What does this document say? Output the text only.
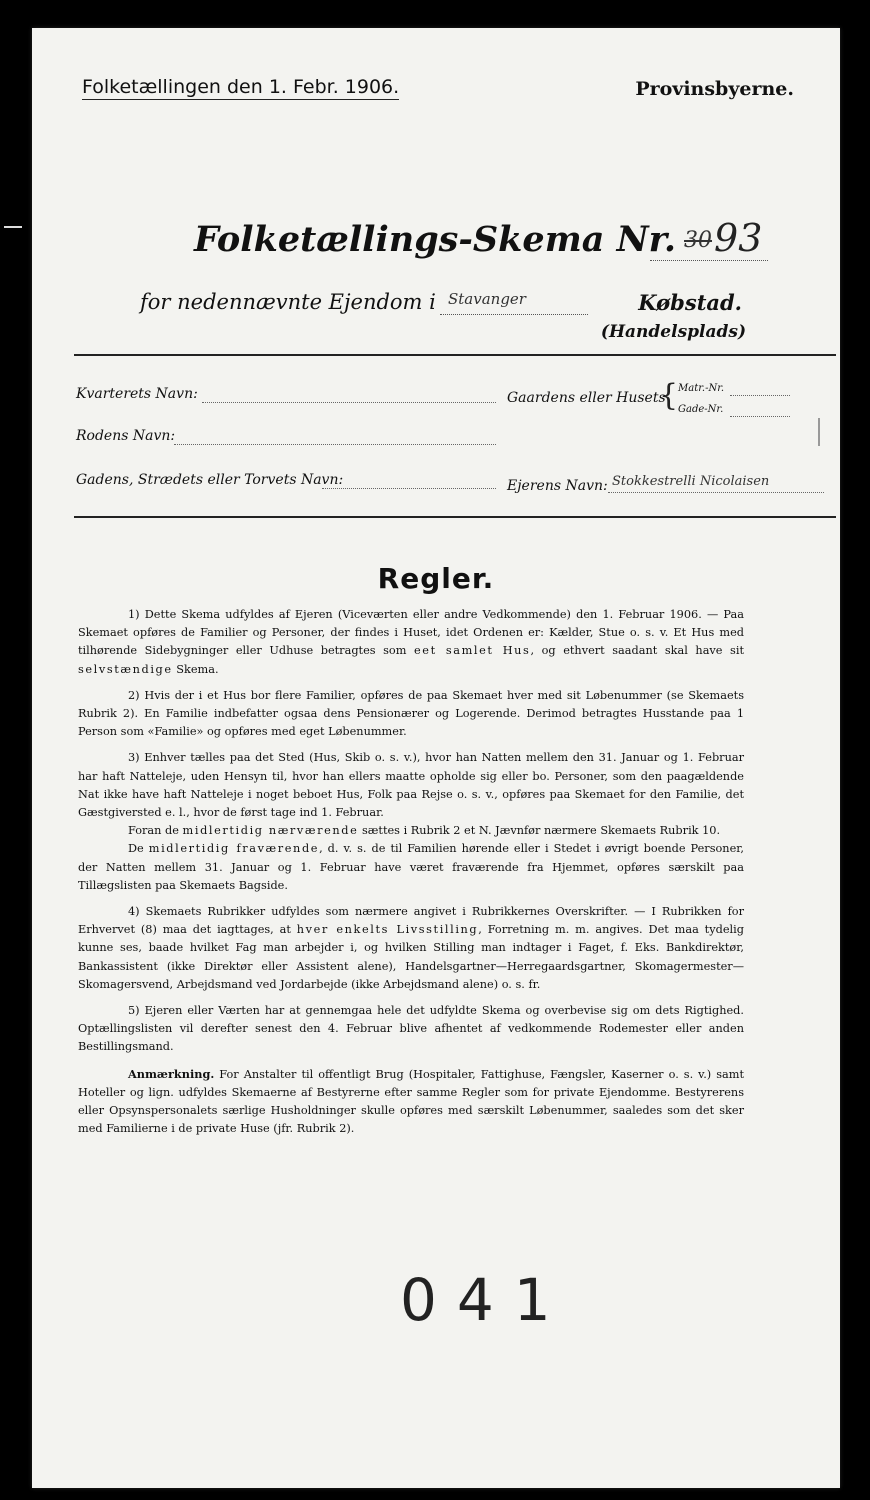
Folketællingen den 1. Febr. 1906.	Provinsbyerne.
Folketællings-Skema Nr. 3093
for nedennævnte Ejendom i Stavanger	Købstad.
(Handelsplads)
Kvarterets Navn:	Gaardens eller Husets
{ Matr.-Nr.
Gade-Nr.
Rodens Navn:
Gadens, Strædets eller Torvets Navn:	Ejerens Navn: Stokkestrelli Nicolaisen
Regler.

1) Dette Skema udfyldes af Ejeren (Viceværten eller andre Vedkommende) den 1. Februar 1906. — Paa Skemaet opføres de Familier og Personer, der findes i Huset, idet Ordenen er: Kælder, Stue o. s. v. Et Hus med tilhørende Sidebygninger eller Udhuse betragtes som eet samlet Hus, og ethvert saadant skal have sit selvstændige Skema.

2) Hvis der i et Hus bor flere Familier, opføres de paa Skemaet hver med sit Løbenummer (se Skemaets Rubrik 2). En Familie indbefatter ogsaa dens Pensionærer og Logerende. Derimod betragtes Husstande paa 1 Person som «Familie» og opføres med eget Løbenummer.

3) Enhver tælles paa det Sted (Hus, Skib o. s. v.), hvor han Natten mellem den 31. Januar og 1. Februar har haft Natteleje, uden Hensyn til, hvor han ellers maatte opholde sig eller bo. Personer, som den paagældende Nat ikke have haft Natteleje i noget beboet Hus, Folk paa Rejse o. s. v., opføres paa Skemaet for den Familie, det Gæstgiversted e. l., hvor de først tage ind 1. Februar.

Foran de midlertidig nærværende sættes i Rubrik 2 et N. Jævnfør nærmere Skemaets Rubrik 10.

De midlertidig fraværende, d. v. s. de til Familien hørende eller i Stedet i øvrigt boende Personer, der Natten mellem 31. Januar og 1. Februar have været fraværende fra Hjemmet, opføres særskilt paa Tillægslisten paa Skemaets Bagside.

4) Skemaets Rubrikker udfyldes som nærmere angivet i Rubrikkernes Overskrifter. — I Rubrikken for Erhvervet (8) maa det iagttages, at hver enkelts Livsstilling, Forretning m. m. angives. Det maa tydelig kunne ses, baade hvilket Fag man arbejder i, og hvilken Stilling man indtager i Faget, f. Eks. Bankdirektør, Bankassistent (ikke Direktør eller Assistent alene), Handelsgartner—Herregaardsgartner, Skomagermester—Skomagersvend, Arbejdsmand ved Jordarbejde (ikke Arbejdsmand alene) o. s. fr.

5) Ejeren eller Værten har at gennemgaa hele det udfyldte Skema og overbevise sig om dets Rigtighed. Optællingslisten vil derefter senest den 4. Februar blive afhentet af vedkommende Rodemester eller anden Bestillingsmand.

Anmærkning. For Anstalter til offentligt Brug (Hospitaler, Fattighuse, Fængsler, Kaserner o. s. v.) samt Hoteller og lign. udfyldes Skemaerne af Bestyrerne efter samme Regler som for private Ejendomme. Bestyrerens eller Opsynspersonalets særlige Husholdninger skulle opføres med særskilt Løbenummer, saaledes som det sker med Familierne i de private Huse (jfr. Rubrik 2).

041
